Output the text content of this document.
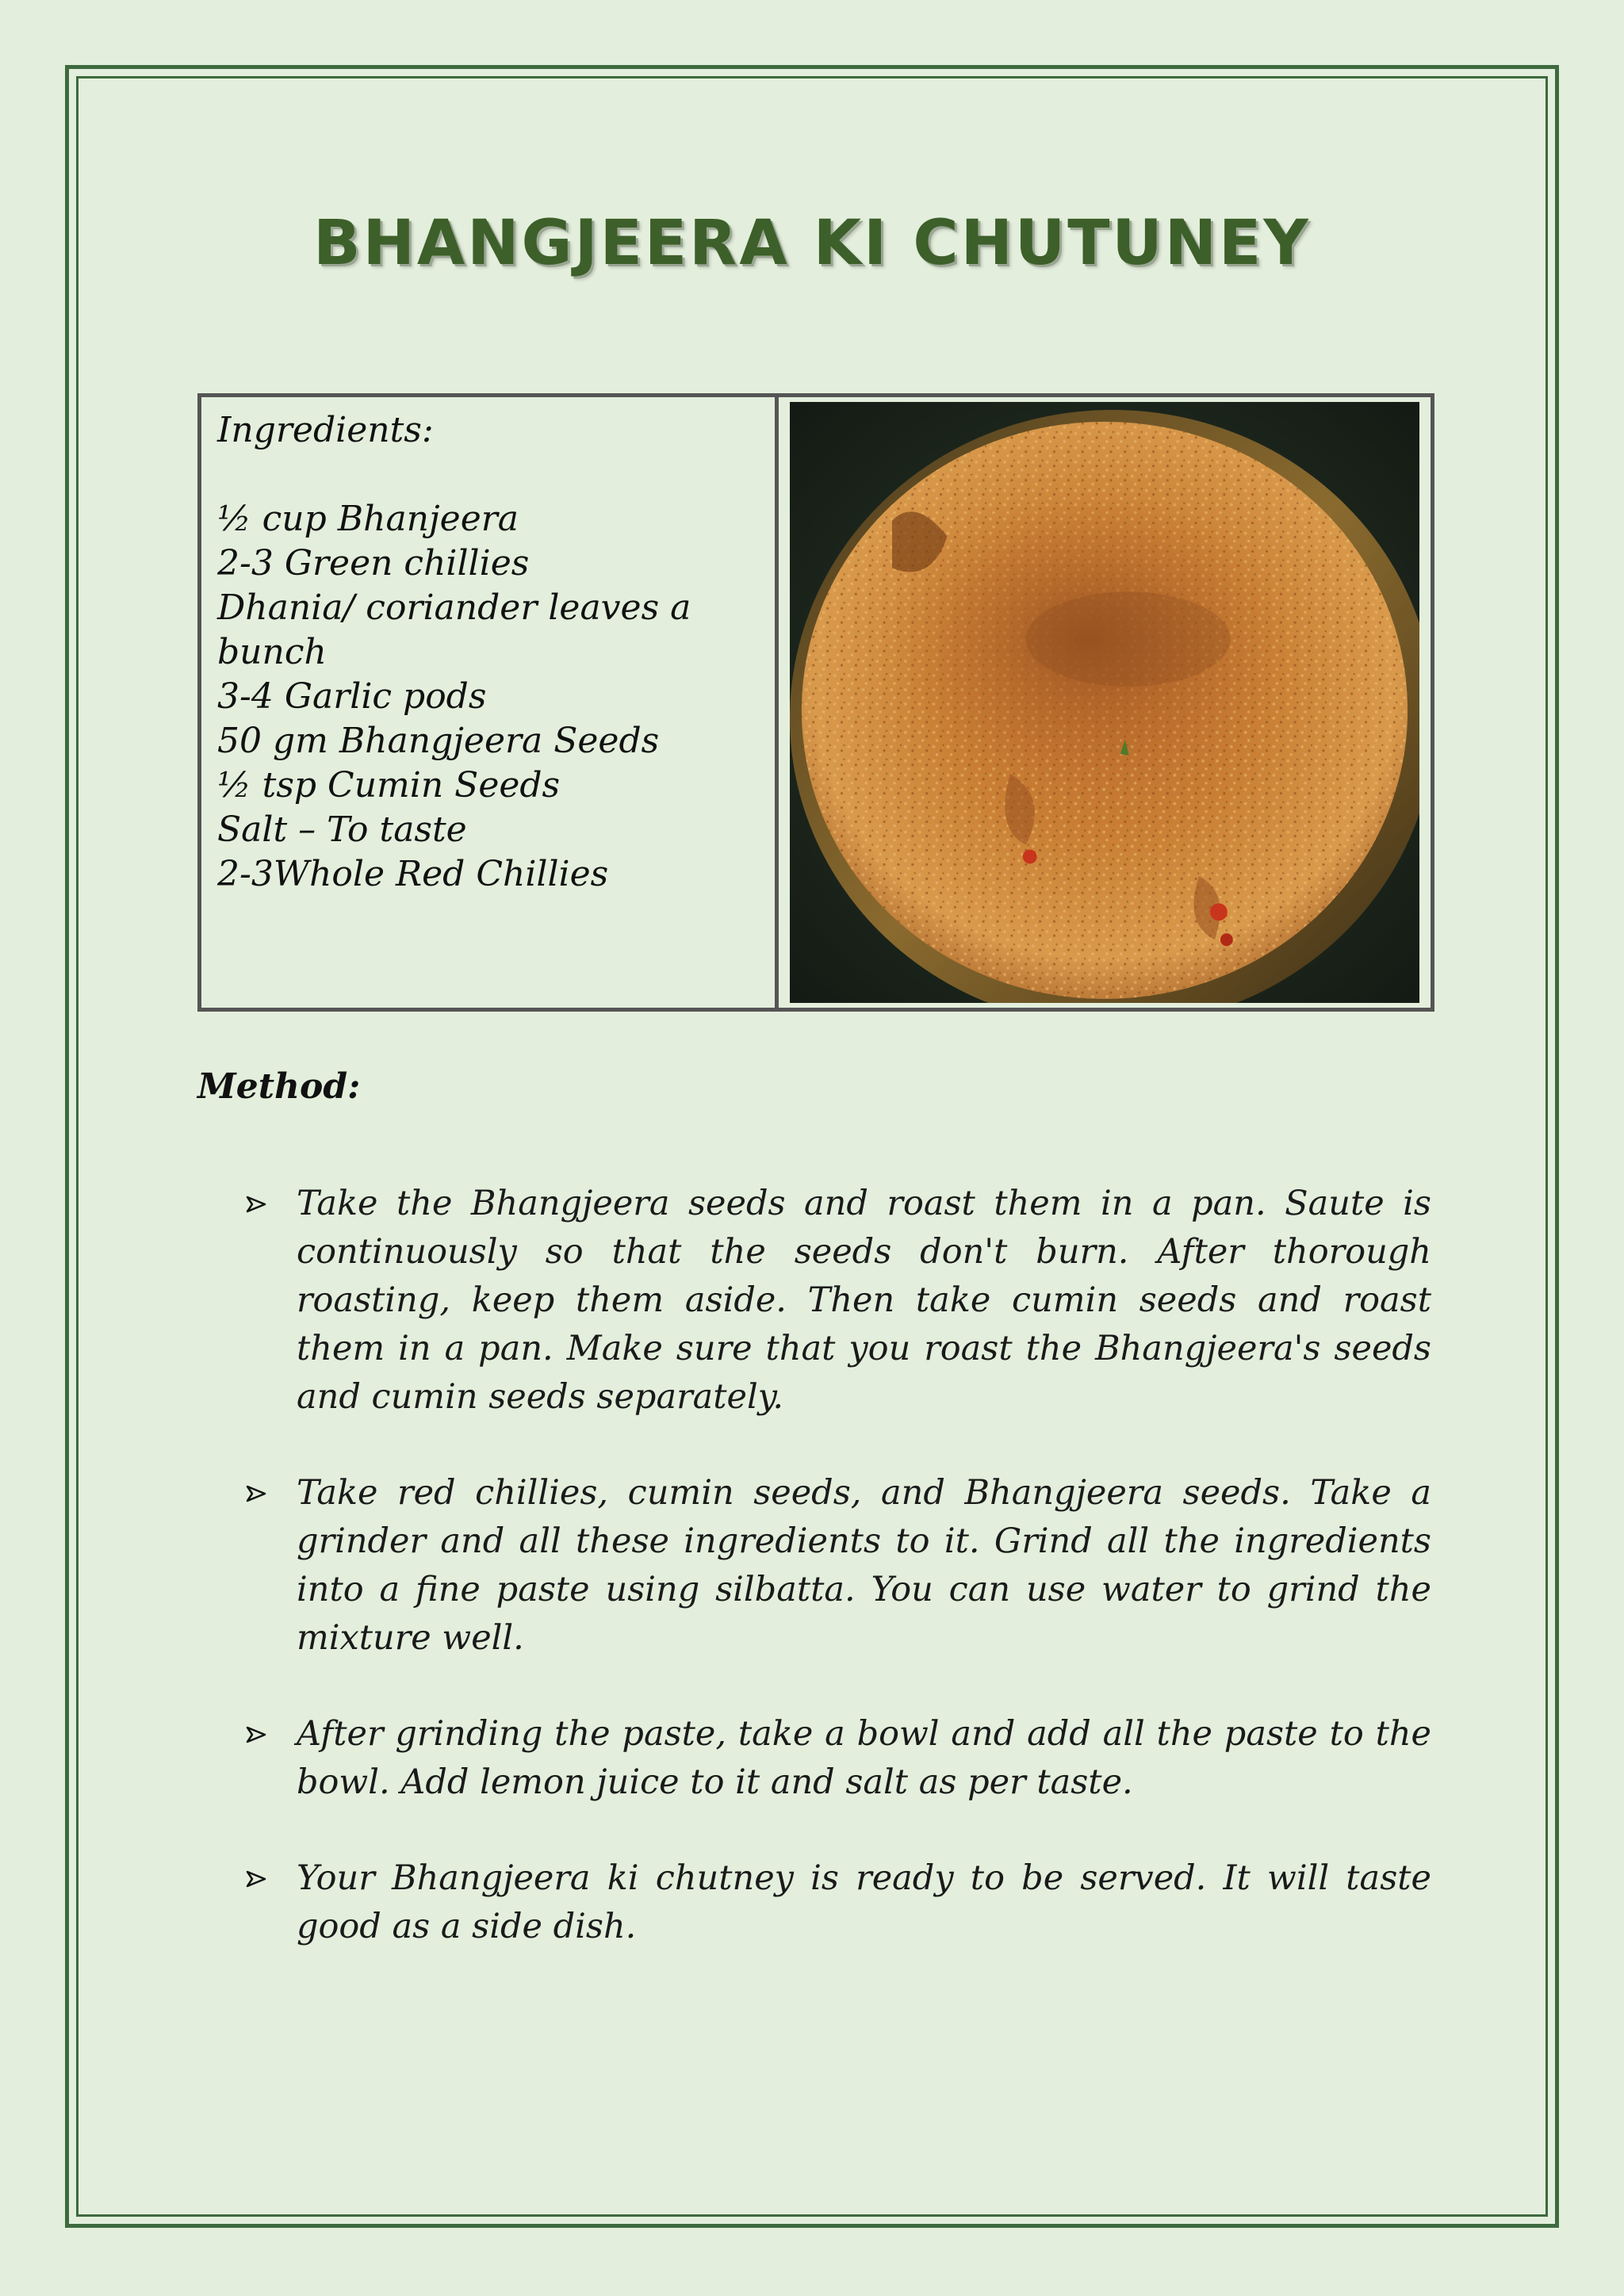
BHANGJEERA KI CHUTUNEY
Ingredients:
½ cup Bhanjeera
2-3 Green chillies
Dhania/ coriander leaves a bunch
3-4 Garlic pods
50 gm Bhangjeera Seeds
½ tsp Cumin Seeds
Salt – To taste
2-3Whole Red Chillies
Method:
Take the Bhangjeera seeds and roast them in a pan. Saute is continuously so that the seeds don't burn. After thorough roasting, keep them aside. Then take cumin seeds and roast them in a pan. Make sure that you roast the Bhangjeera's seeds and cumin seeds separately.
Take red chillies, cumin seeds, and Bhangjeera seeds. Take a grinder and all these ingredients to it. Grind all the ingredients into a fine paste using silbatta. You can use water to grind the mixture well.
After grinding the paste, take a bowl and add all the paste to the bowl. Add lemon juice to it and salt as per taste.
Your Bhangjeera ki chutney is ready to be served. It will taste good as a side dish.
